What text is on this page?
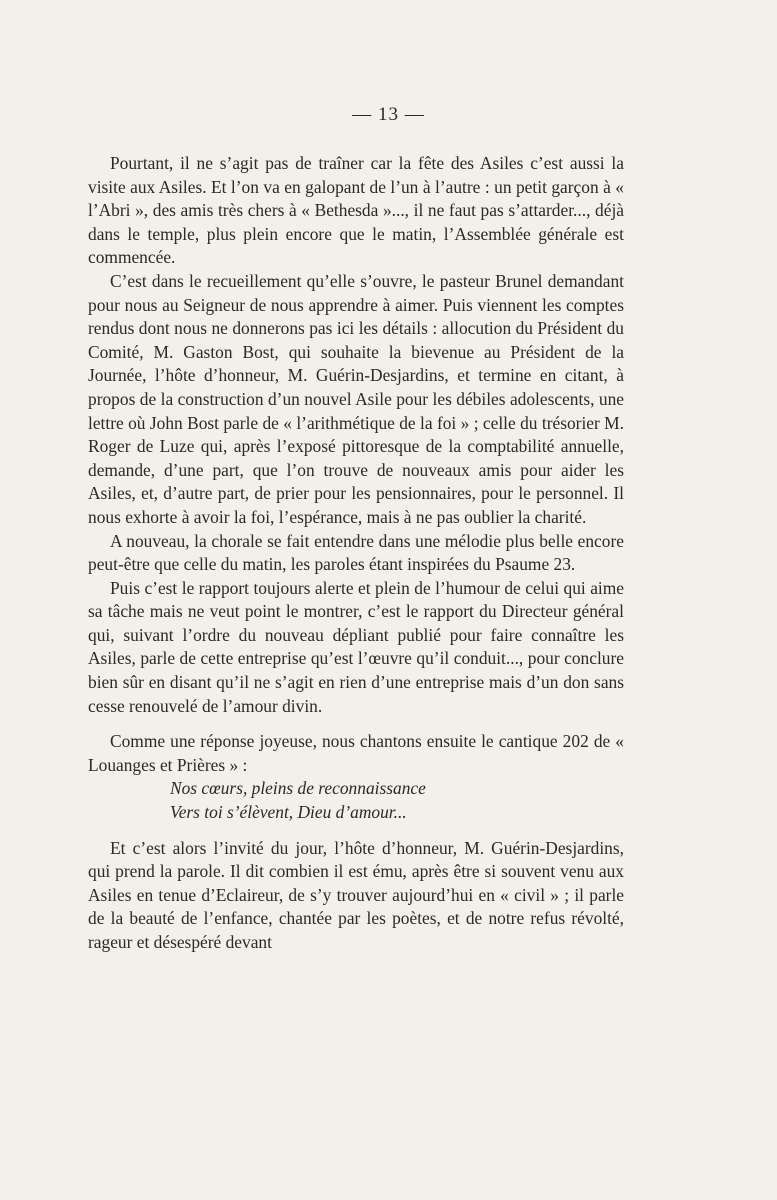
— 13 —

Pourtant, il ne s’agit pas de traîner car la fête des Asiles c’est aussi la visite aux Asiles. Et l’on va en galopant de l’un à l’autre : un petit garçon à « l’Abri », des amis très chers à « Bethesda »..., il ne faut pas s’attarder..., déjà dans le temple, plus plein encore que le matin, l’Assemblée générale est commencée.

C’est dans le recueillement qu’elle s’ouvre, le pasteur Brunel demandant pour nous au Seigneur de nous apprendre à aimer. Puis viennent les comptes rendus dont nous ne donnerons pas ici les détails : allocution du Président du Comité, M. Gaston Bost, qui souhaite la bievenue au Président de la Journée, l’hôte d’honneur, M. Guérin-Desjardins, et termine en citant, à propos de la construction d’un nouvel Asile pour les débiles adolescents, une lettre où John Bost parle de « l’arithmétique de la foi » ; celle du trésorier M. Roger de Luze qui, après l’exposé pittoresque de la comptabilité annuelle, demande, d’une part, que l’on trouve de nouveaux amis pour aider les Asiles, et, d’autre part, de prier pour les pensionnaires, pour le personnel. Il nous exhorte à avoir la foi, l’espérance, mais à ne pas oublier la charité.

A nouveau, la chorale se fait entendre dans une mélodie plus belle encore peut-être que celle du matin, les paroles étant inspirées du Psaume 23.

Puis c’est le rapport toujours alerte et plein de l’humour de celui qui aime sa tâche mais ne veut point le montrer, c’est le rapport du Directeur général qui, suivant l’ordre du nouveau dépliant publié pour faire connaître les Asiles, parle de cette entreprise qu’est l’œuvre qu’il conduit..., pour conclure bien sûr en disant qu’il ne s’agit en rien d’une entreprise mais d’un don sans cesse renouvelé de l’amour divin.

Comme une réponse joyeuse, nous chantons ensuite le cantique 202 de « Louanges et Prières » :

Nos cœurs, pleins de reconnaissance
Vers toi s’élèvent, Dieu d’amour...

Et c’est alors l’invité du jour, l’hôte d’honneur, M. Guérin-Desjardins, qui prend la parole. Il dit combien il est ému, après être si souvent venu aux Asiles en tenue d’Eclaireur, de s’y trouver aujourd’hui en « civil » ; il parle de la beauté de l’enfance, chantée par les poètes, et de notre refus révolté, rageur et désespéré devant
